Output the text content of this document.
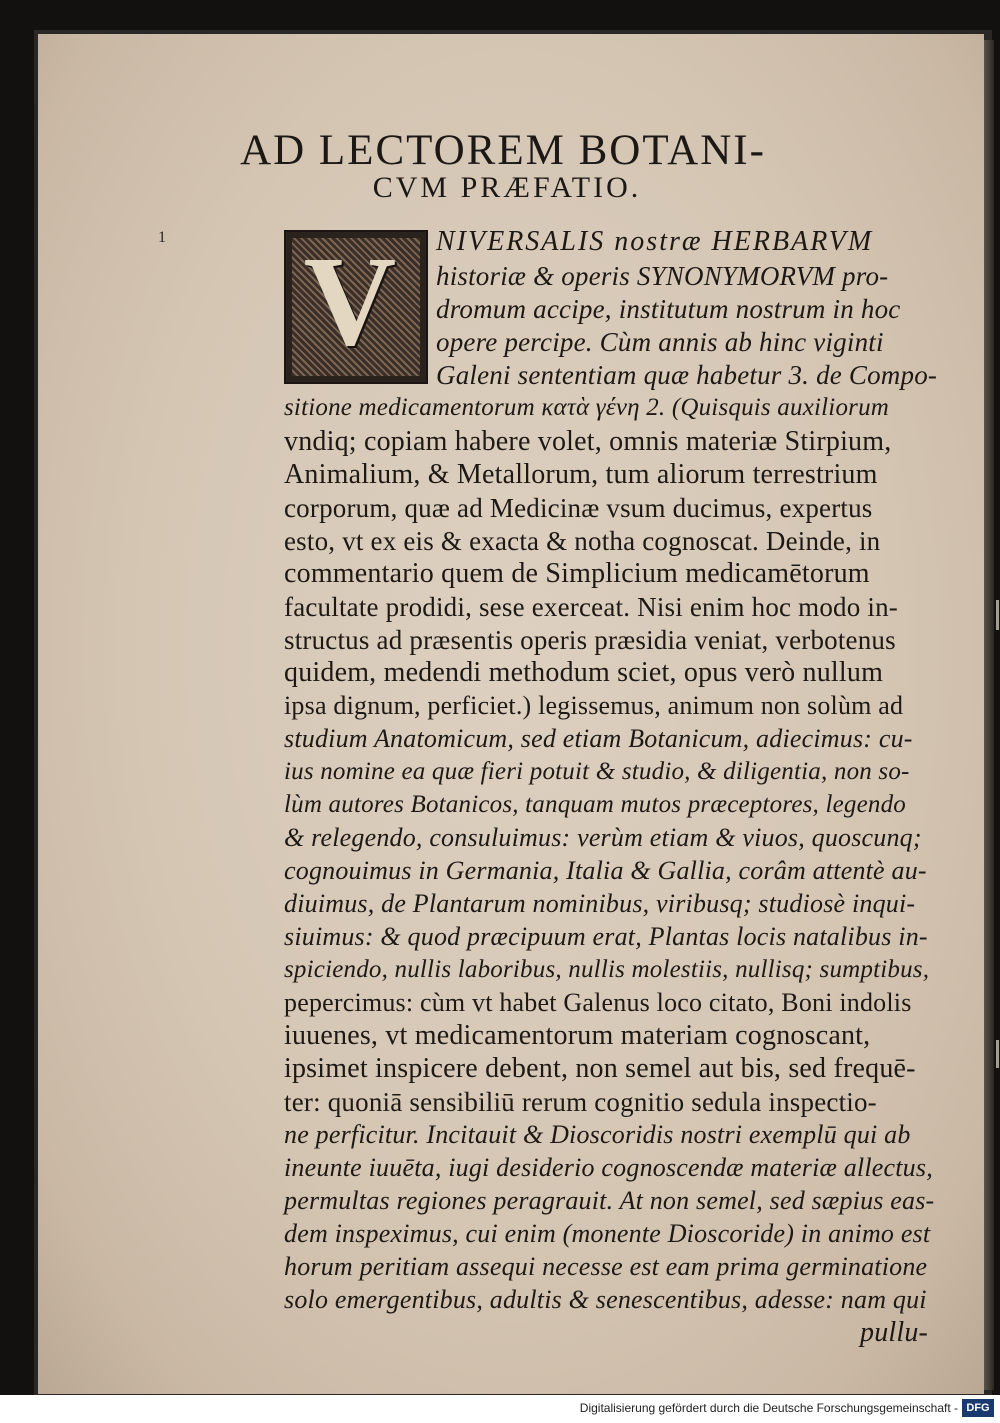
AD LECTOREM BOTANI-
CVM PRÆFATIO.
1 V	NIVERSALIS nostræ HERBARVM
historiæ & operis SYNONYMORVM pro-
dromum accipe, institutum nostrum in hoc
opere percipe. Cùm annis ab hinc viginti
Galeni sententiam quæ habetur 3. de Compo-
sitione medicamentorum κατὰ γένη 2. (Quisquis auxiliorum
vndiq; copiam habere volet, omnis materiæ Stirpium,
Animalium, & Metallorum, tum aliorum terrestrium
corporum, quæ ad Medicinæ vsum ducimus, expertus
esto, vt ex eis & exacta & notha cognoscat. Deinde, in
commentario quem de Simplicium medicamētorum
facultate prodidi, sese exerceat. Nisi enim hoc modo in-
structus ad præsentis operis præsidia veniat, verbotenus
quidem, medendi methodum sciet, opus verò nullum
ipsa dignum, perficiet.) legissemus, animum non solùm ad
studium Anatomicum, sed etiam Botanicum, adiecimus: cu-
ius nomine ea quæ fieri potuit & studio, & diligentia, non so-
lùm autores Botanicos, tanquam mutos præceptores, legendo
& relegendo, consuluimus: verùm etiam & viuos, quoscunq;
cognouimus in Germania, Italia & Gallia, corâm attentè au-
diuimus, de Plantarum nominibus, viribusq; studiosè inqui-
siuimus: & quod præcipuum erat, Plantas locis natalibus in-
spiciendo, nullis laboribus, nullis molestiis, nullisq; sumptibus,
pepercimus: cùm vt habet Galenus loco citato, Boni indolis
iuuenes, vt medicamentorum materiam cognoscant,
ipsimet inspicere debent, non semel aut bis, sed frequē-
ter: quoniā sensibiliū rerum cognitio sedula inspectio-
ne perficitur. Incitauit & Dioscoridis nostri exemplū qui ab
ineunte iuuēta, iugi desiderio cognoscendæ materiæ allectus,
permultas regiones peragrauit. At non semel, sed sæpius eas-
dem inspeximus, cui enim (monente Dioscoride) in animo est
horum peritiam assequi necesse est eam prima germinatione
solo emergentibus, adultis & senescentibus, adesse: nam qui
pullu-
Digitalisierung gefördert durch die Deutsche Forschungsgemeinschaft - DFG
